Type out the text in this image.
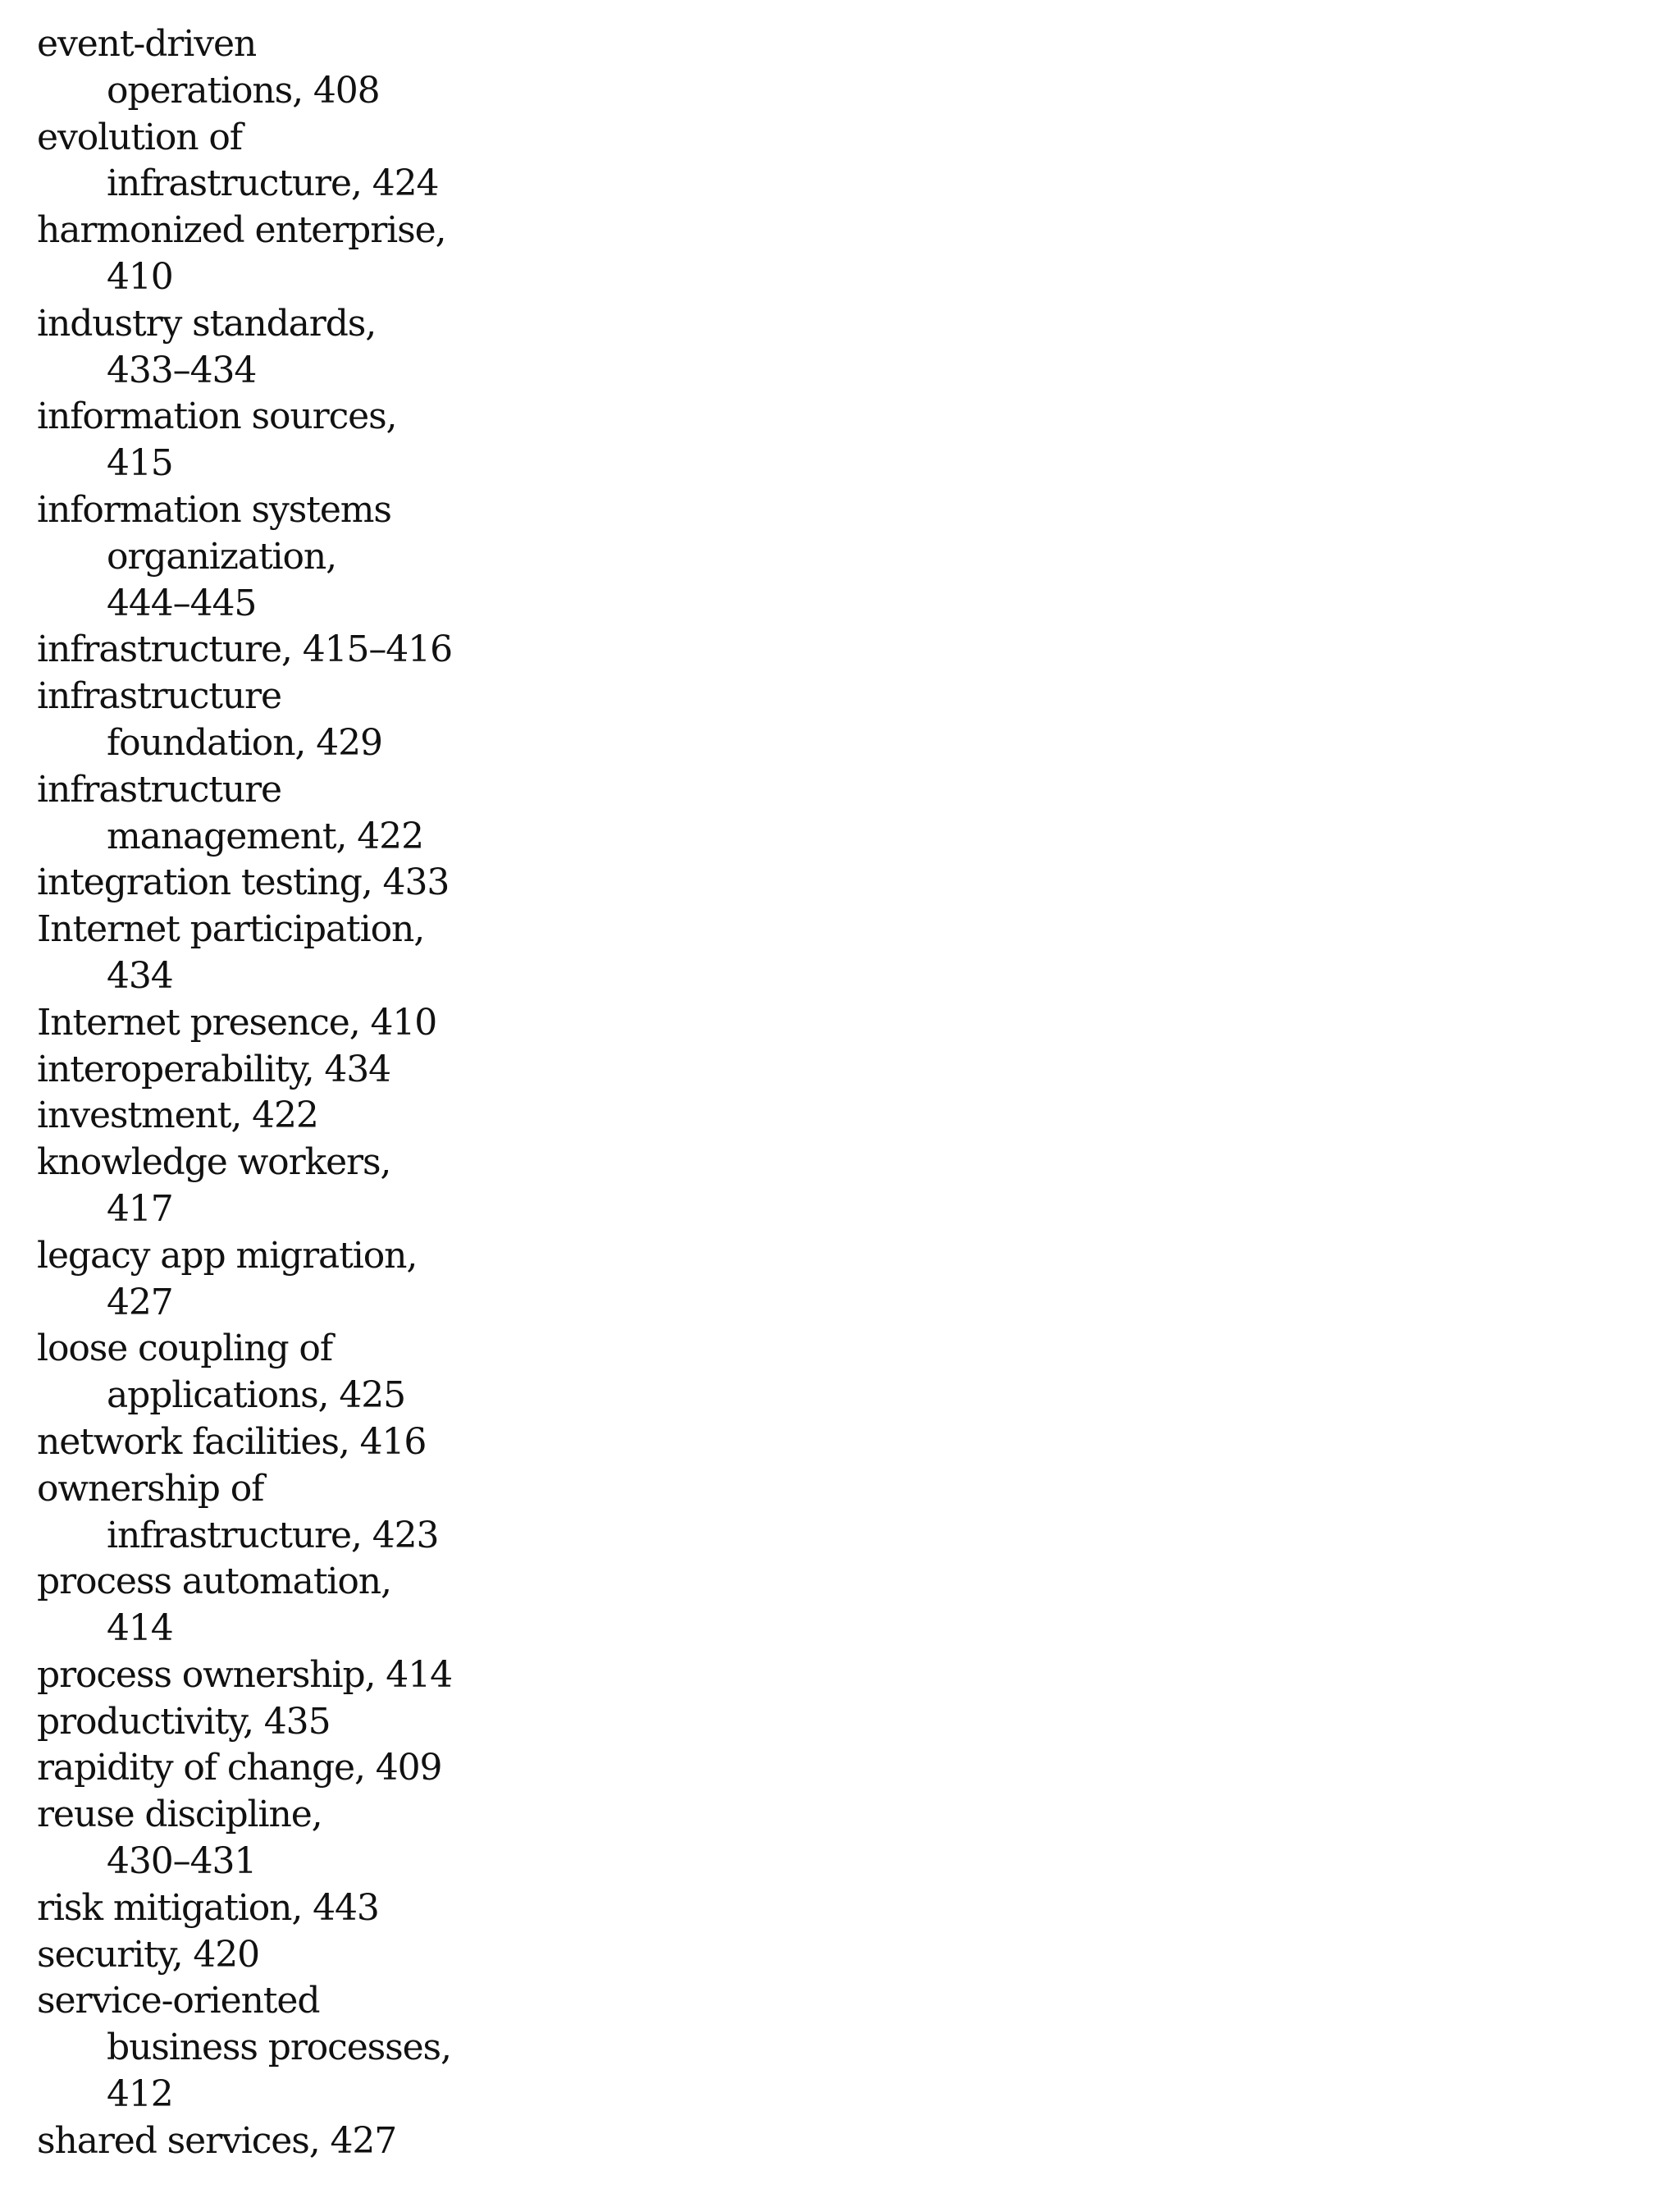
event-driven
operations, 408
evolution of
infrastructure, 424
harmonized enterprise,
410
industry standards,
433–434
information sources,
415
information systems
organization,
444–445
infrastructure, 415–416
infrastructure
foundation, 429
infrastructure
management, 422
integration testing, 433
Internet participation,
434
Internet presence, 410
interoperability, 434
investment, 422
knowledge workers,
417
legacy app migration,
427
loose coupling of
applications, 425
network facilities, 416
ownership of
infrastructure, 423
process automation,
414
process ownership, 414
productivity, 435
rapidity of change, 409
reuse discipline,
430–431
risk mitigation, 443
security, 420
service-oriented
business processes,
412
shared services, 427
